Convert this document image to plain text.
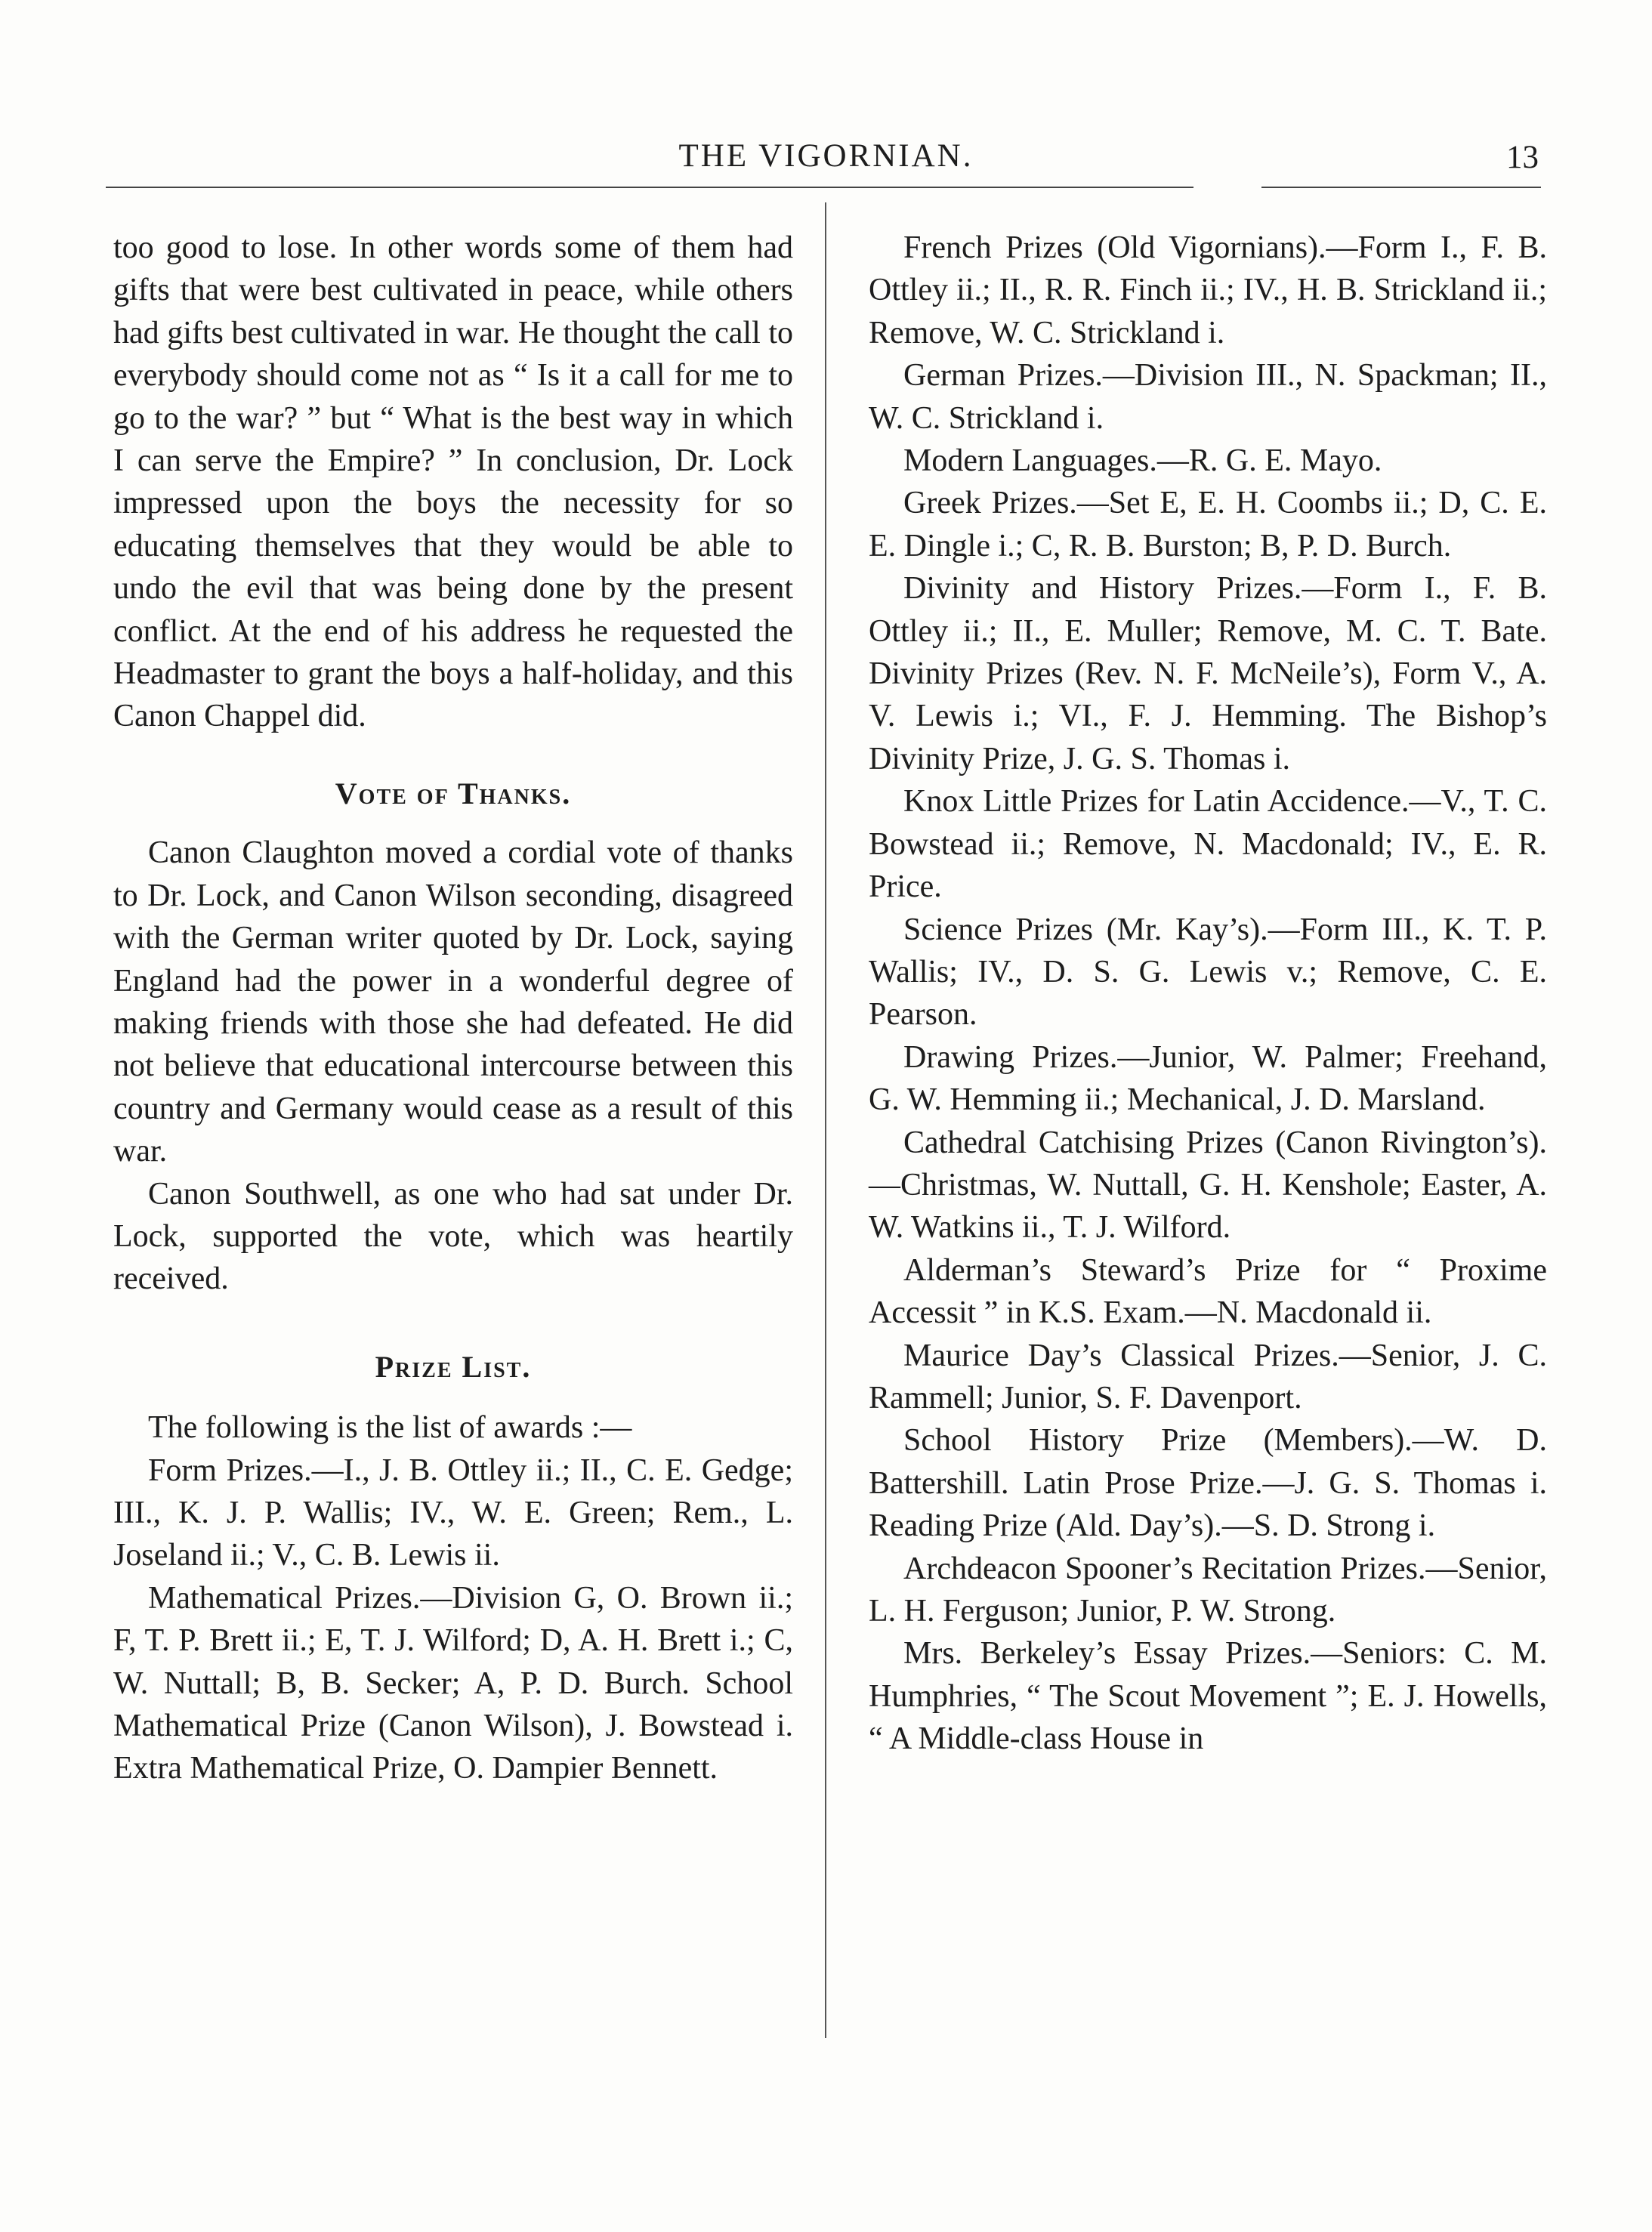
THE VIGORNIAN.	13

too good to lose. In other words some of them had gifts that were best cultivated in peace, while others had gifts best cultivated in war. He thought the call to everybody should come not as “ Is it a call for me to go to the war? ” but “ What is the best way in which I can serve the Empire? ” In conclusion, Dr. Lock impressed upon the boys the necessity for so educating themselves that they would be able to undo the evil that was being done by the present conflict. At the end of his address he requested the Headmaster to grant the boys a half-holiday, and this Canon Chappel did.

Vote of Thanks.

Canon Claughton moved a cordial vote of thanks to Dr. Lock, and Canon Wilson seconding, disagreed with the German writer quoted by Dr. Lock, saying England had the power in a wonderful degree of making friends with those she had defeated. He did not believe that educational intercourse between this country and Germany would cease as a result of this war.

Canon Southwell, as one who had sat under Dr. Lock, supported the vote, which was heartily received.

Prize List.

The following is the list of awards :—

Form Prizes.—I., J. B. Ottley ii.; II., C. E. Gedge; III., K. J. P. Wallis; IV., W. E. Green; Rem., L. Joseland ii.; V., C. B. Lewis ii.

Mathematical Prizes.—Division G, O. Brown ii.; F, T. P. Brett ii.; E, T. J. Wilford; D, A. H. Brett i.; C, W. Nuttall; B, B. Secker; A, P. D. Burch. School Mathematical Prize (Canon Wilson), J. Bowstead i. Extra Mathematical Prize, O. Dampier Bennett.

French Prizes (Old Vigornians).—Form I., F. B. Ottley ii.; II., R. R. Finch ii.; IV., H. B. Strickland ii.; Remove, W. C. Strickland i.

German Prizes.—Division III., N. Spackman; II., W. C. Strickland i.

Modern Languages.—R. G. E. Mayo.

Greek Prizes.—Set E, E. H. Coombs ii.; D, C. E. E. Dingle i.; C, R. B. Burston; B, P. D. Burch.

Divinity and History Prizes.—Form I., F. B. Ottley ii.; II., E. Muller; Remove, M. C. T. Bate. Divinity Prizes (Rev. N. F. McNeile’s), Form V., A. V. Lewis i.; VI., F. J. Hemming. The Bishop’s Divinity Prize, J. G. S. Thomas i.

Knox Little Prizes for Latin Accidence.—V., T. C. Bowstead ii.; Remove, N. Macdonald; IV., E. R. Price.

Science Prizes (Mr. Kay’s).—Form III., K. T. P. Wallis; IV., D. S. G. Lewis v.; Remove, C. E. Pearson.

Drawing Prizes.—Junior, W. Palmer; Freehand, G. W. Hemming ii.; Mechanical, J. D. Marsland.

Cathedral Catchising Prizes (Canon Rivington’s).—Christmas, W. Nuttall, G. H. Kenshole; Easter, A. W. Watkins ii., T. J. Wilford.

Alderman’s Steward’s Prize for “ Proxime Accessit ” in K.S. Exam.—N. Macdonald ii.

Maurice Day’s Classical Prizes.—Senior, J. C. Rammell; Junior, S. F. Davenport.

School History Prize (Members).—W. D. Battershill. Latin Prose Prize.—J. G. S. Thomas i. Reading Prize (Ald. Day’s).—S. D. Strong i.

Archdeacon Spooner’s Recitation Prizes.—Senior, L. H. Ferguson; Junior, P. W. Strong.

Mrs. Berkeley’s Essay Prizes.—Seniors: C. M. Humphries, “ The Scout Movement ”; E. J. Howells, “ A Middle-class House in
